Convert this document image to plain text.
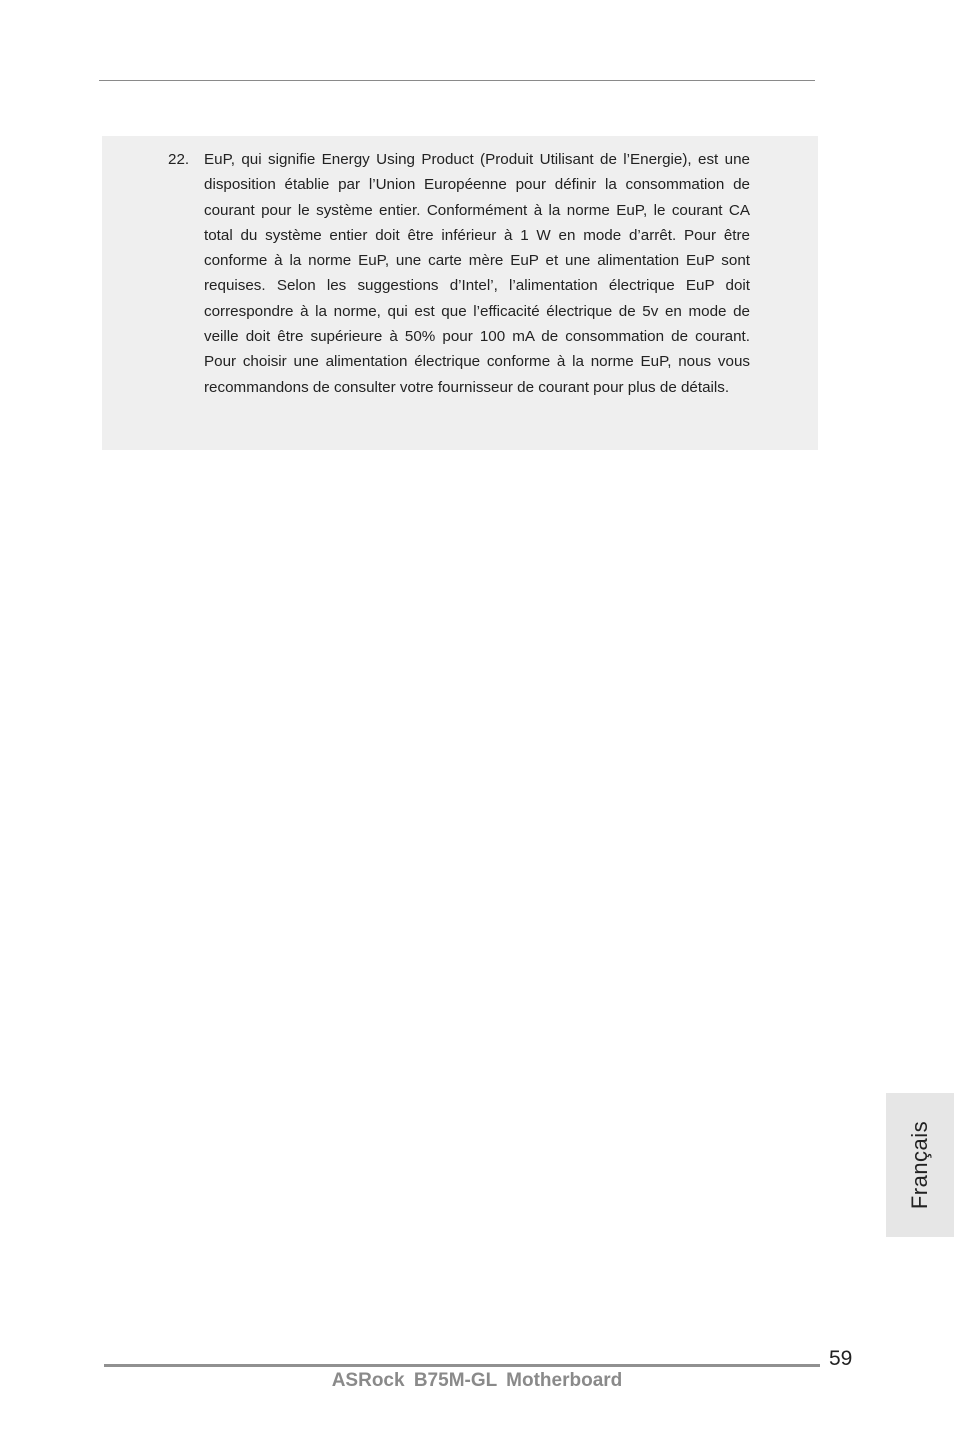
22. EuP, qui signifie Energy Using Product (Produit Utilisant de l’Energie), est une disposition établie par l’Union Européenne pour définir la consommation de courant pour le système entier. Conformément à la norme EuP, le courant CA total du système entier doit être inférieur à 1 W en mode d’arrêt. Pour être conforme à la norme EuP, une carte mère EuP et une alimentation EuP sont requises. Selon les suggestions d’Intel’, l’alimentation électrique EuP doit correspondre à la norme, qui est que l’efficacité électrique de 5v en mode de veille doit être supérieure à 50% pour 100 mA de consommation de courant. Pour choisir une alimentation électrique conforme à la norme EuP, nous vous recommandons de consulter votre fournisseur de courant pour plus de détails.
Français
59
ASRock B75M-GL Motherboard
